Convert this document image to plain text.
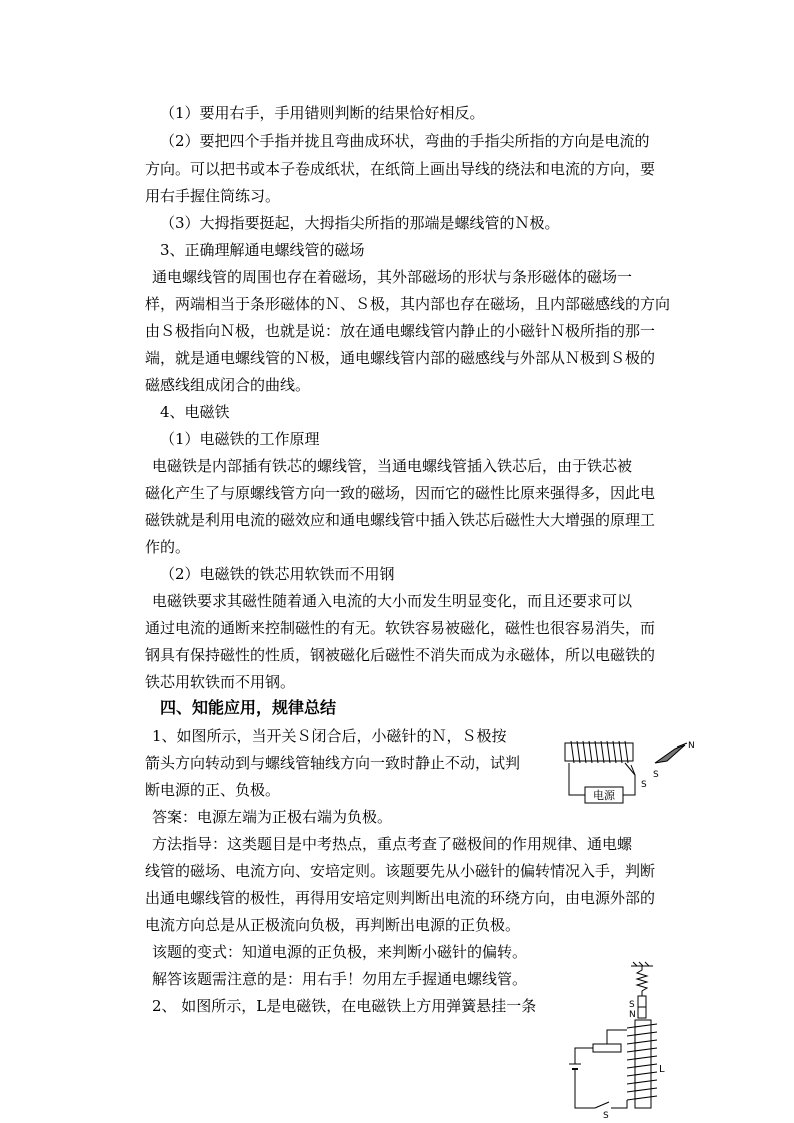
（1）要用右手，手用错则判断的结果恰好相反。
（2）要把四个手指并拢且弯曲成环状，弯曲的手指尖所指的方向是电流的
方向。可以把书或本子卷成纸状，在纸筒上画出导线的绕法和电流的方向，要
用右手握住筒练习。
（3）大拇指要挺起，大拇指尖所指的那端是螺线管的Ｎ极。
3、正确理解通电螺线管的磁场
通电螺线管的周围也存在着磁场，其外部磁场的形状与条形磁体的磁场一
样，两端相当于条形磁体的Ｎ、Ｓ极，其内部也存在磁场，且内部磁感线的方向
由Ｓ极指向Ｎ极，也就是说：放在通电螺线管内静止的小磁针Ｎ极所指的那一
端，就是通电螺线管的Ｎ极，通电螺线管内部的磁感线与外部从Ｎ极到Ｓ极的
磁感线组成闭合的曲线。
4、电磁铁
（1）电磁铁的工作原理
电磁铁是内部插有铁芯的螺线管，当通电螺线管插入铁芯后，由于铁芯被
磁化产生了与原螺线管方向一致的磁场，因而它的磁性比原来强得多，因此电
磁铁就是利用电流的磁效应和通电螺线管中插入铁芯后磁性大大增强的原理工
作的。
（2）电磁铁的铁芯用软铁而不用钢
电磁铁要求其磁性随着通入电流的大小而发生明显变化，而且还要求可以
通过电流的通断来控制磁性的有无。软铁容易被磁化，磁性也很容易消失，而
钢具有保持磁性的性质，钢被磁化后磁性不消失而成为永磁体，所以电磁铁的
铁芯用软铁而不用钢。
四、知能应用，规律总结
1、如图所示，当开关Ｓ闭合后，小磁针的Ｎ，Ｓ极按
箭头方向转动到与螺线管轴线方向一致时静止不动，试判
断电源的正、负极。
答案：电源左端为正极右端为负极。
方法指导：这类题目是中考热点，重点考查了磁极间的作用规律、通电螺
线管的磁场、电流方向、安培定则。该题要先从小磁针的偏转情况入手，判断
出通电螺线管的极性，再得用安培定则判断出电流的环绕方向，由电源外部的
电流方向总是从正极流向负极，再判断出电源的正负极。
该题的变式：知道电源的正负极，来判断小磁针的偏转。
解答该题需注意的是：用右手！勿用左手握通电螺线管。
2、 如图所示，L是电磁铁，在电磁铁上方用弹簧悬挂一条
电源
S
N
S
S
N
L
S
